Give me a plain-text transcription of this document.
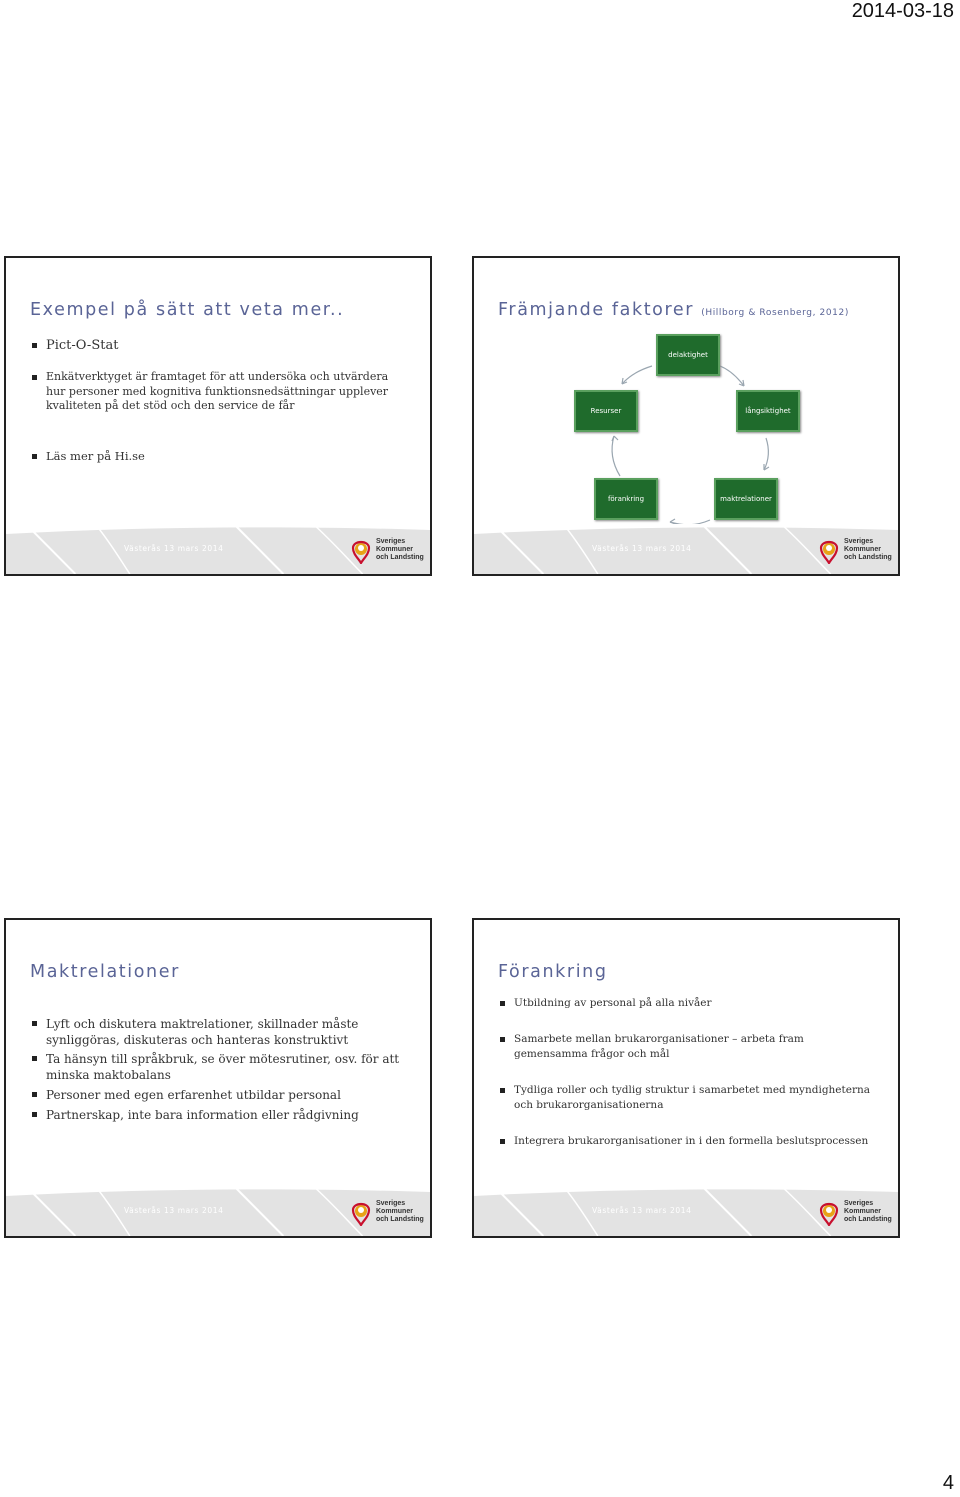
2014-03-18
Exempel på sätt att veta mer..
Pict-O-Stat
Enkätverktyget är framtaget för att undersöka och utvärdera hur personer med kognitiva funktionsnedsättningar upplever kvaliteten på det stöd och den service de får
Läs mer på Hi.se
Västerås 13 mars 2014
Sveriges
Kommuner
och Landsting
Främjande faktorer (Hillborg & Rosenberg, 2012)
delaktighet
långsiktighet
maktrelationer
förankring
Resurser
Västerås 13 mars 2014
Sveriges
Kommuner
och Landsting
Maktrelationer
Lyft och diskutera maktrelationer, skillnader måste synliggöras, diskuteras och hanteras konstruktivt
Ta hänsyn till språkbruk, se över mötesrutiner, osv. för att minska maktobalans
Personer med egen erfarenhet utbildar personal
Partnerskap, inte bara information eller rådgivning
Västerås 13 mars 2014
Sveriges
Kommuner
och Landsting
Förankring
Utbildning av personal på alla nivåer
Samarbete mellan brukarorganisationer – arbeta fram gemensamma frågor och mål
Tydliga roller och tydlig struktur i samarbetet med myndigheterna och brukarorganisationerna
Integrera brukarorganisationer in i den formella beslutsprocessen
Västerås 13 mars 2014
Sveriges
Kommuner
och Landsting
4
